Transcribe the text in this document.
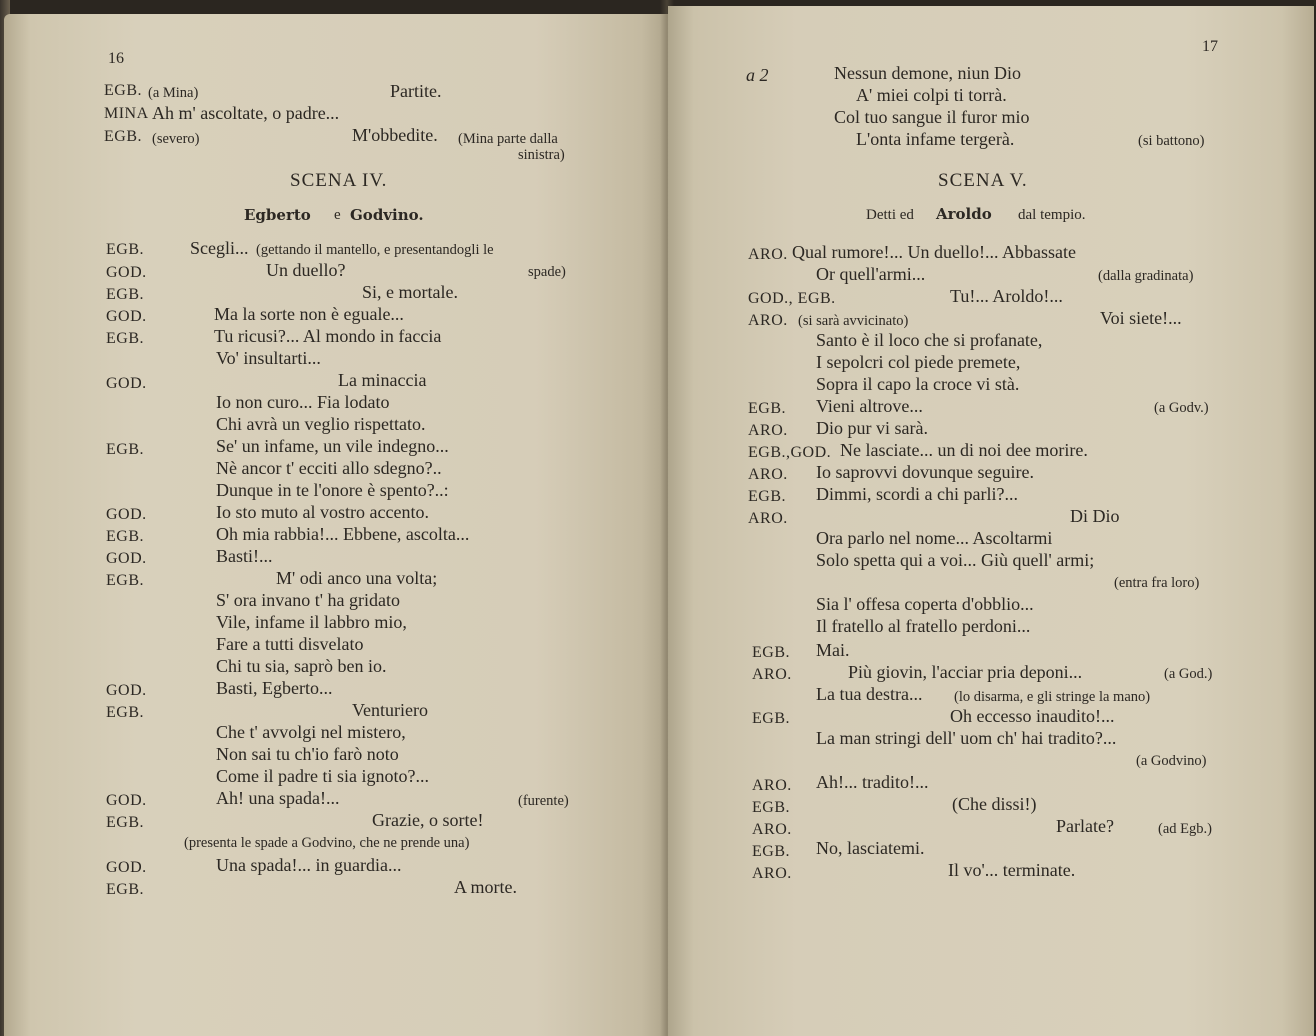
16
EGB. (a Mina)	Partite.
MINA Ah m' ascoltate, o padre...
EGB. (severo)	M'obbedite. (Mina parte dalla
sinistra)
SCENA IV.
Egberto e Godvino.
EGB.	Scegli... (gettando il mantello, e presentandogli le
GOD.	Un duello?	spade)
EGB.	Si, e mortale.
GOD.	Ma la sorte non è eguale...
EGB.	Tu ricusi?... Al mondo in faccia
Vo' insultarti...
GOD.	La minaccia
Io non curo... Fia lodato
Chi avrà un veglio rispettato.
EGB.	Se' un infame, un vile indegno...
Nè ancor t' ecciti allo sdegno?..
Dunque in te l'onore è spento?..:
GOD.	Io sto muto al vostro accento.
EGB.	Oh mia rabbia!... Ebbene, ascolta...
GOD.	Basti!...
EGB.	M' odi anco una volta;
S' ora invano t' ha gridato
Vile, infame il labbro mio,
Fare a tutti disvelato
Chi tu sia, saprò ben io.
GOD.	Basti, Egberto...
EGB.	Venturiero
Che t' avvolgi nel mistero,
Non sai tu ch'io farò noto
Come il padre ti sia ignoto?...
GOD.	Ah! una spada!...	(furente)
EGB.	Grazie, o sorte!
(presenta le spade a Godvino, che ne prende una)
GOD.	Una spada!... in guardia...
EGB.	A morte.
17
a 2	Nessun demone, niun Dio
A' miei colpi ti torrà.
Col tuo sangue il furor mio
L'onta infame tergerà.	(si battono)
SCENA V.
Detti ed Aroldo dal tempio.
ARO. Qual rumore!... Un duello!... Abbassate
Or quell'armi...	(dalla gradinata)
GOD., EGB.	Tu!... Aroldo!...
ARO. (si sarà avvicinato)	Voi siete!...
Santo è il loco che si profanate,
I sepolcri col piede premete,
Sopra il capo la croce vi stà.
EGB. Vieni altrove...	(a Godv.)
ARO. Dio pur vi sarà.
EGB.,GOD. Ne lasciate... un di noi dee morire.
ARO. Io saprovvi dovunque seguire.
EGB. Dimmi, scordi a chi parli?...
ARO.	Di Dio
Ora parlo nel nome... Ascoltarmi
Solo spetta qui a voi... Giù quell' armi;
(entra fra loro)
Sia l' offesa coperta d'obblio...
Il fratello al fratello perdoni...
EGB. Mai.
ARO.	Più giovin, l'acciar pria deponi...	(a God.)
La tua destra... (lo disarma, e gli stringe la mano)
EGB.	Oh eccesso inaudito!...
La man stringi dell' uom ch' hai tradito?...
(a Godvino)
ARO. Ah!... tradito!...
EGB.	(Che dissi!)
ARO.	Parlate?	(ad Egb.)
EGB. No, lasciatemi.
ARO.	Il vo'... terminate.
